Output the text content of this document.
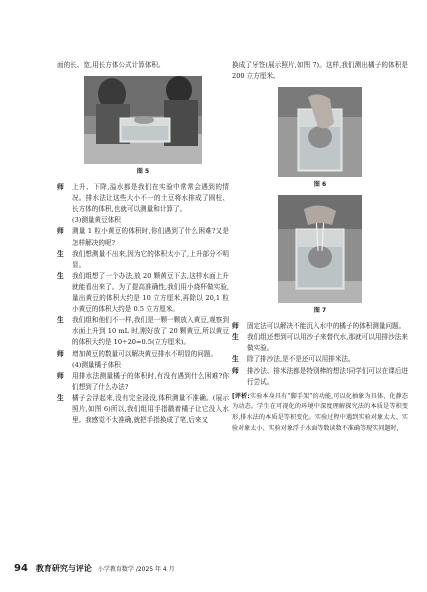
面的长、宽,用长方体公式计算体积。

图 5
师	上升、下降,溢水都是我们在实验中常常会遇到的情况。排水法让这些大小不一的土豆将水排成了圆柱、长方体的体积,也就可以测量和计算了。

(3)测量黄豆体积

师	测量 1 粒小黄豆的体积时,你们遇到了什么困难?又是怎样解决的呢?
生	我们想测量不出来,因为它的体积太小了,上升部分不明显。
生	我们组想了一个办法,放 20 颗黄豆下去,这样水面上升就能看出来了。为了提高准确性,我们用小烧杯做实验,量出黄豆的体积大约是 10 立方厘米,再除以 20,1 粒小黄豆的体积大约是 0.5 立方厘米。
生	我们组和他们不一样,我们是一颗一颗放入黄豆,观察到水面上升到 10 mL 时,刚好放了 20 颗黄豆,所以黄豆的体积大约是 10÷20=0.5(立方厘米)。
师	增加黄豆的数量可以解决黄豆排水不明显的问题。

(4)测量橘子体积

师	用排水法测量橘子的体积时,有没有遇到什么困难?你们想到了什么办法?
生	橘子会浮起来,没有完全浸没,体积测量不准确。(展示照片,如图 6)所以,我们组用手指戳着橘子让它没入水里。我感觉不太准确,就把手指换成了笔,后来又

换成了牙签(展示照片,如图 7)。这样,我们测出橘子的体积是 200 立方厘米。

图 6
图 7
师	固定法可以解决不能沉入水中的橘子的体积测量问题。
生	我们组还想到可以用沙子来替代水,那就可以用排沙法来做实验。
生	除了排沙法,是不是还可以用排米法。
师	排沙法、排米法都是特别棒的想法!同学们可以在课后进行尝试。

[评析:实验本身具有“脚手架”的功能,可以化抽象为具体、化静态为动态。学生在可视化的环境中深度理解探究法的本质是等积变形,排水法的本质是等积变化。实验过程中遇到实验对象太大、实验对象太小、实验对象浮于水面等数读数不准确等现实问题时,

94 教育研究与评论 小学教育数学 /2025 年 4 月
